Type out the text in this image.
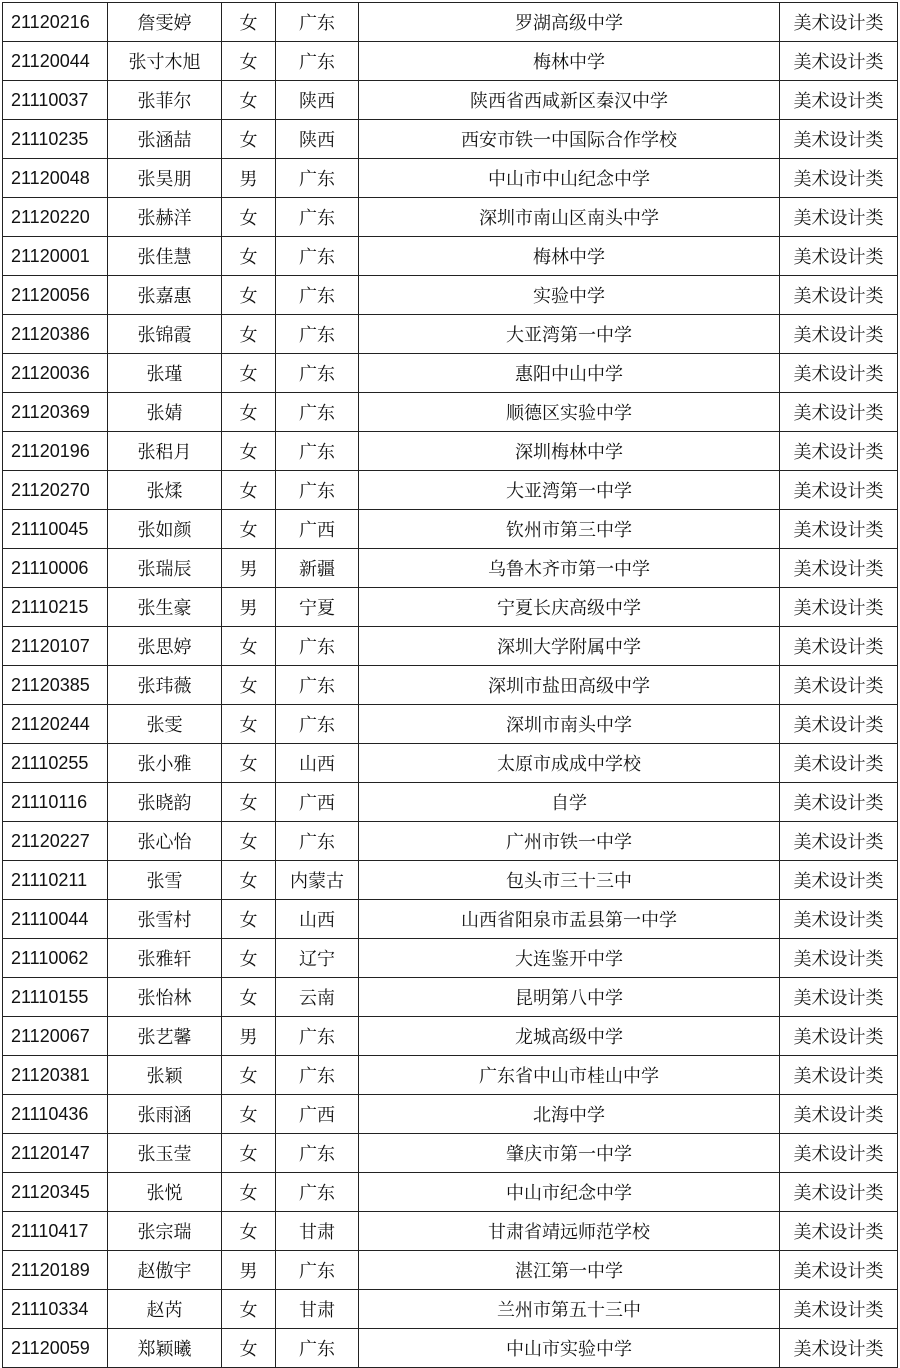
21120216	詹雯婷	女	广东	罗湖高级中学	美术设计类
21120044	张寸木旭	女	广东	梅林中学	美术设计类
21110037	张菲尔	女	陕西	陕西省西咸新区秦汉中学	美术设计类
21110235	张涵喆	女	陕西	西安市铁一中国际合作学校	美术设计类
21120048	张昊朋	男	广东	中山市中山纪念中学	美术设计类
21120220	张赫洋	女	广东	深圳市南山区南头中学	美术设计类
21120001	张佳慧	女	广东	梅林中学	美术设计类
21120056	张嘉惠	女	广东	实验中学	美术设计类
21120386	张锦霞	女	广东	大亚湾第一中学	美术设计类
21120036	张瑾	女	广东	惠阳中山中学	美术设计类
21120369	张婧	女	广东	顺德区实验中学	美术设计类
21120196	张稆月	女	广东	深圳梅林中学	美术设计类
21120270	张煣	女	广东	大亚湾第一中学	美术设计类
21110045	张如颜	女	广西	钦州市第三中学	美术设计类
21110006	张瑞辰	男	新疆	乌鲁木齐市第一中学	美术设计类
21110215	张生豪	男	宁夏	宁夏长庆高级中学	美术设计类
21120107	张思婷	女	广东	深圳大学附属中学	美术设计类
21120385	张玮薇	女	广东	深圳市盐田高级中学	美术设计类
21120244	张雯	女	广东	深圳市南头中学	美术设计类
21110255	张小雅	女	山西	太原市成成中学校	美术设计类
21110116	张晓韵	女	广西	自学	美术设计类
21120227	张心怡	女	广东	广州市铁一中学	美术设计类
21110211	张雪	女	内蒙古	包头市三十三中	美术设计类
21110044	张雪村	女	山西	山西省阳泉市盂县第一中学	美术设计类
21110062	张雅轩	女	辽宁	大连鉴开中学	美术设计类
21110155	张怡林	女	云南	昆明第八中学	美术设计类
21120067	张艺馨	男	广东	龙城高级中学	美术设计类
21120381	张颖	女	广东	广东省中山市桂山中学	美术设计类
21110436	张雨涵	女	广西	北海中学	美术设计类
21120147	张玉莹	女	广东	肇庆市第一中学	美术设计类
21120345	张悦	女	广东	中山市纪念中学	美术设计类
21110417	张宗瑞	女	甘肃	甘肃省靖远师范学校	美术设计类
21120189	赵傲宇	男	广东	湛江第一中学	美术设计类
21110334	赵芮	女	甘肃	兰州市第五十三中	美术设计类
21120059	郑颖曦	女	广东	中山市实验中学	美术设计类
